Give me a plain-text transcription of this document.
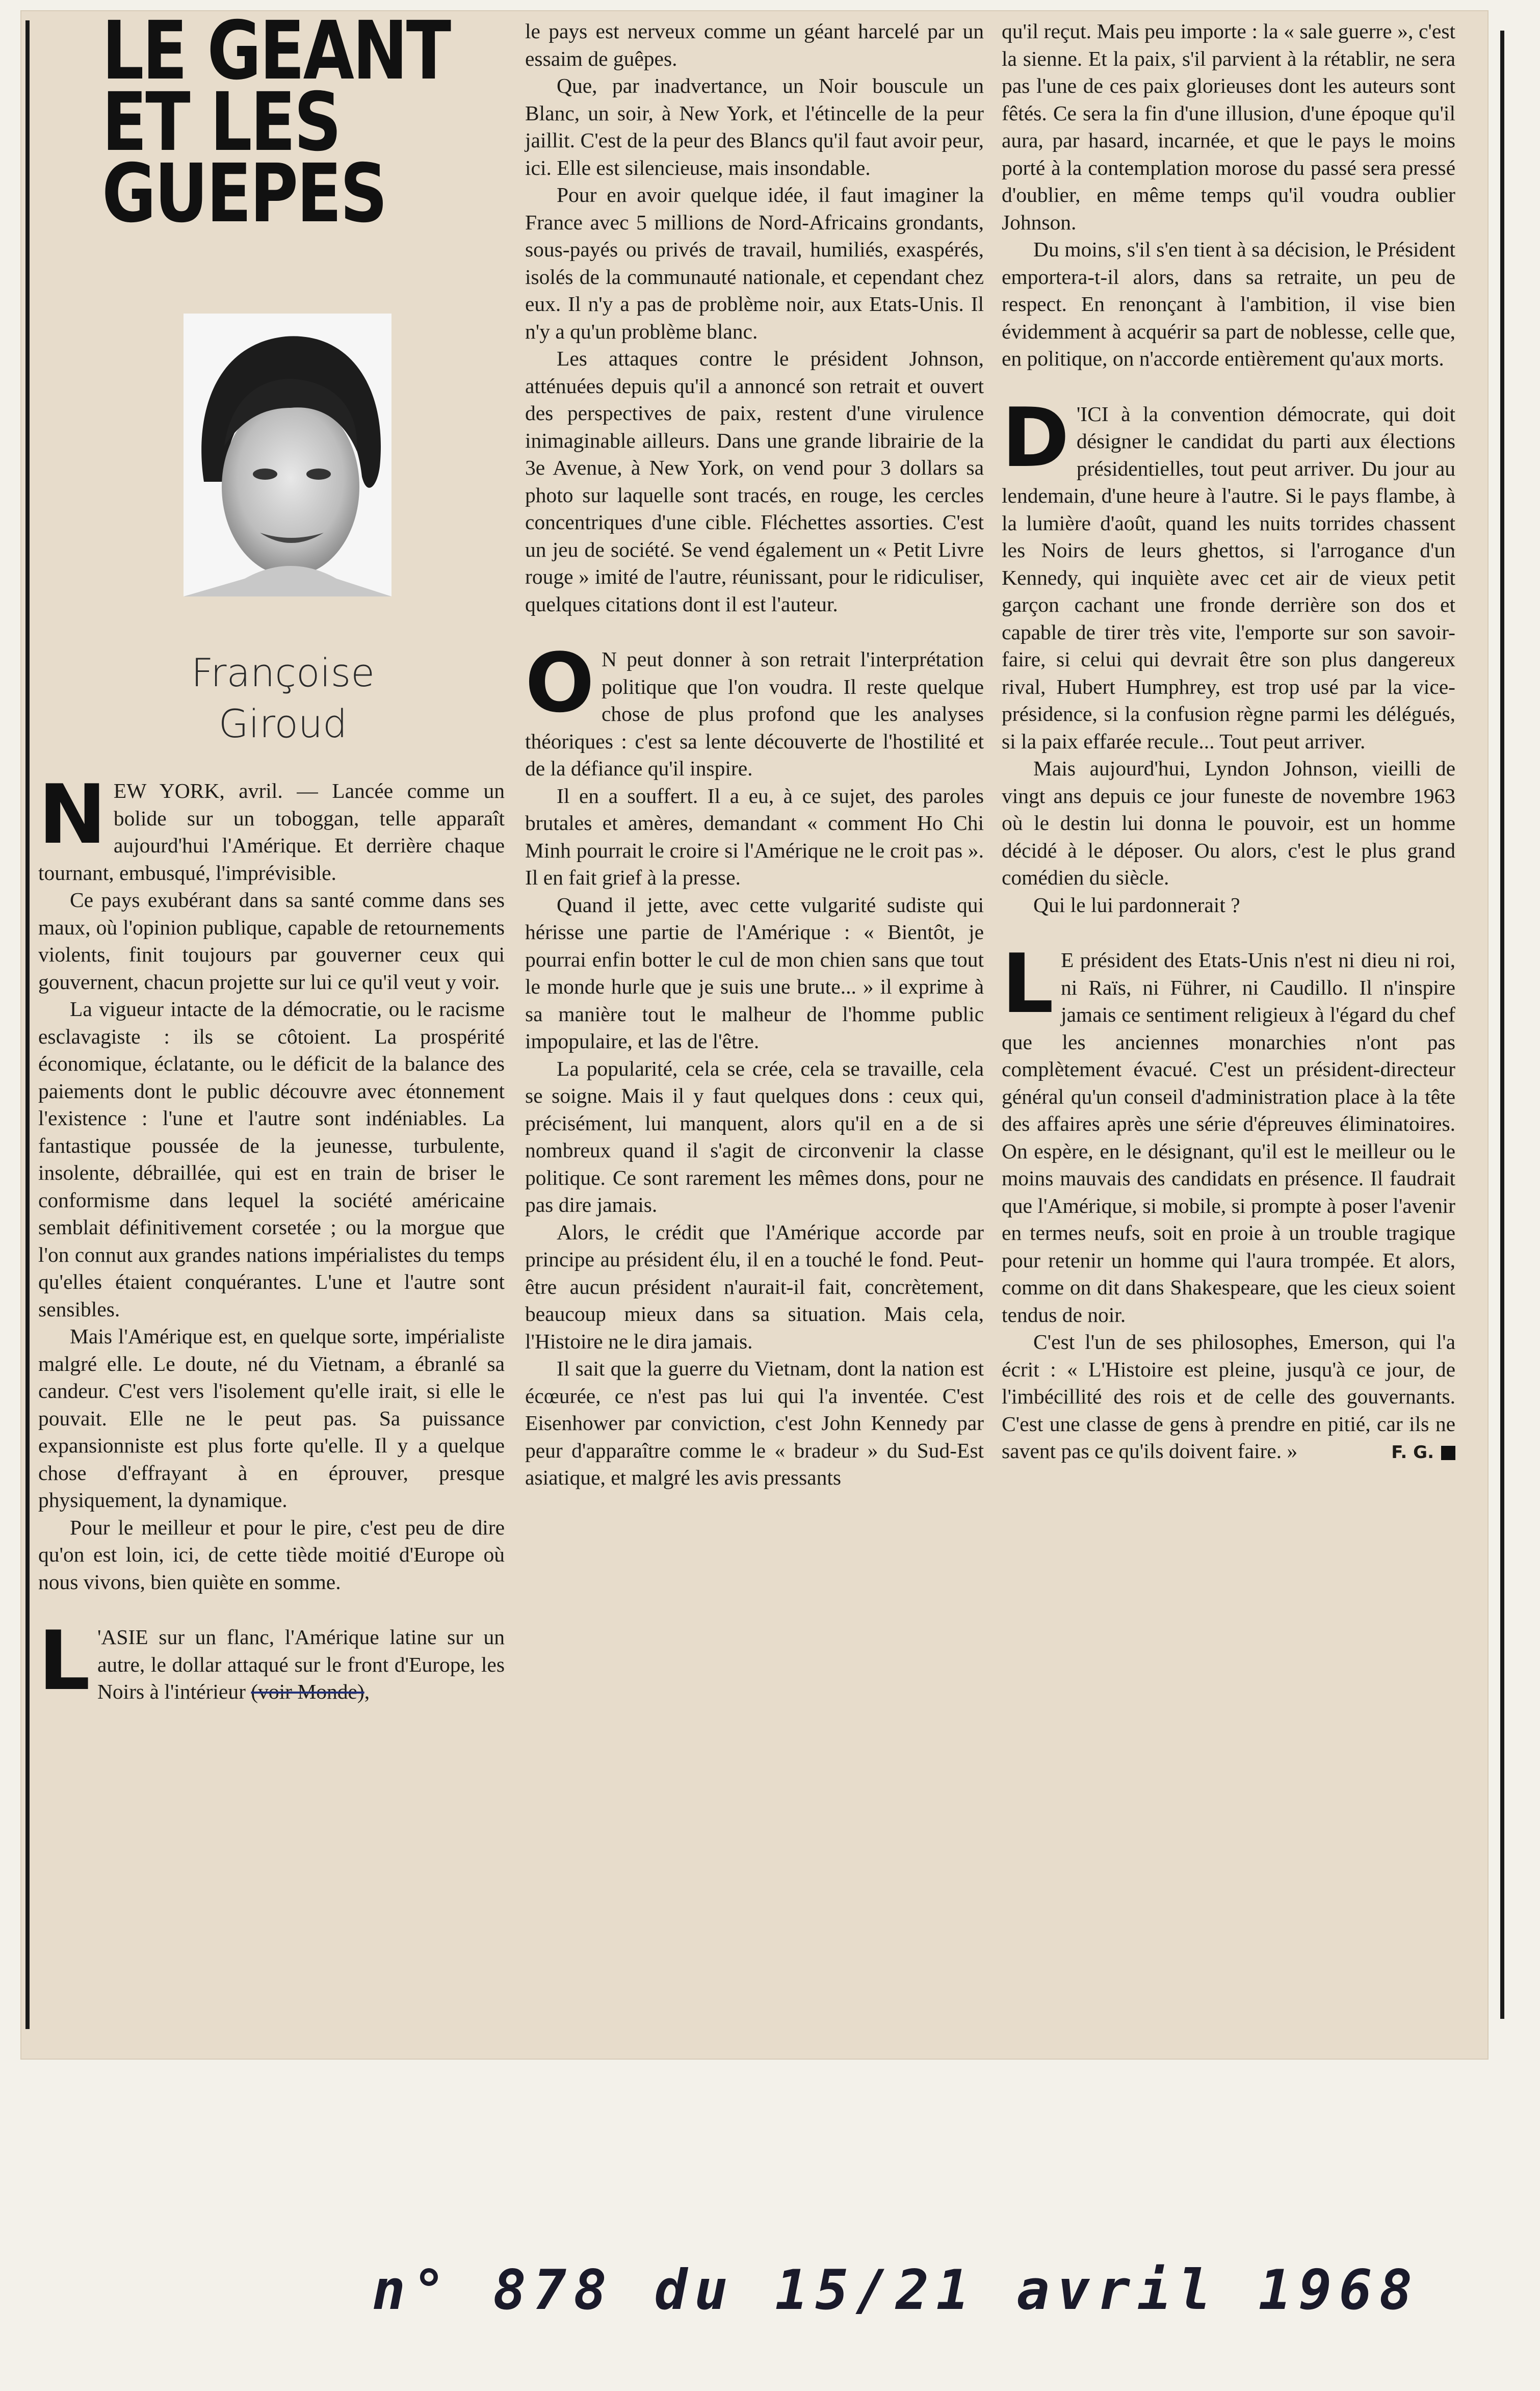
LE GEANT
ET LES
GUEPES
Françoise
Giroud

NEW YORK, avril. — Lancée comme un bolide sur un toboggan, telle apparaît aujourd'hui l'Amérique. Et derrière chaque tournant, embusqué, l'imprévisible.

Ce pays exubérant dans sa santé comme dans ses maux, où l'opinion publique, capable de retournements violents, finit toujours par gouverner ceux qui gouvernent, chacun projette sur lui ce qu'il veut y voir.

La vigueur intacte de la démocratie, ou le racisme esclavagiste : ils se côtoient. La prospérité économique, éclatante, ou le déficit de la balance des paiements dont le public découvre avec étonnement l'existence : l'une et l'autre sont indéniables. La fantastique poussée de la jeunesse, turbulente, insolente, débraillée, qui est en train de briser le conformisme dans lequel la société américaine semblait définitivement corsetée ; ou la morgue que l'on connut aux grandes nations impérialistes du temps qu'elles étaient conquérantes. L'une et l'autre sont sensibles.

Mais l'Amérique est, en quelque sorte, impérialiste malgré elle. Le doute, né du Vietnam, a ébranlé sa candeur. C'est vers l'isolement qu'elle irait, si elle le pouvait. Elle ne le peut pas. Sa puissance expansionniste est plus forte qu'elle. Il y a quelque chose d'effrayant à en éprouver, presque physiquement, la dynamique.

Pour le meilleur et pour le pire, c'est peu de dire qu'on est loin, ici, de cette tiède moitié d'Europe où nous vivons, bien quiète en somme.

L 'ASIE sur un flanc, l'Amérique latine sur un autre, le dollar attaqué sur le front d'Europe, les Noirs à l'intérieur (voir Monde),

le pays est nerveux comme un géant harcelé par un essaim de guêpes.

Que, par inadvertance, un Noir bouscule un Blanc, un soir, à New York, et l'étincelle de la peur jaillit. C'est de la peur des Blancs qu'il faut avoir peur, ici. Elle est silencieuse, mais insondable.

Pour en avoir quelque idée, il faut imaginer la France avec 5 millions de Nord-Africains grondants, sous-payés ou privés de travail, humiliés, exaspérés, isolés de la communauté nationale, et cependant chez eux. Il n'y a pas de problème noir, aux Etats-Unis. Il n'y a qu'un problème blanc.

Les attaques contre le président Johnson, atténuées depuis qu'il a annoncé son retrait et ouvert des perspectives de paix, restent d'une virulence inimaginable ailleurs. Dans une grande librairie de la 3e Avenue, à New York, on vend pour 3 dollars sa photo sur laquelle sont tracés, en rouge, les cercles concentriques d'une cible. Fléchettes assorties. C'est un jeu de société. Se vend également un « Petit Livre rouge » imité de l'autre, réunissant, pour le ridiculiser, quelques citations dont il est l'auteur.

O N peut donner à son retrait l'interprétation politique que l'on voudra. Il reste quelque chose de plus profond que les analyses théoriques : c'est sa lente découverte de l'hostilité et de la défiance qu'il inspire.

Il en a souffert. Il a eu, à ce sujet, des paroles brutales et amères, demandant « comment Ho Chi Minh pourrait le croire si l'Amérique ne le croit pas ». Il en fait grief à la presse.

Quand il jette, avec cette vulgarité sudiste qui hérisse une partie de l'Amérique : « Bientôt, je pourrai enfin botter le cul de mon chien sans que tout le monde hurle que je suis une brute... » il exprime à sa manière tout le malheur de l'homme public impopulaire, et las de l'être.

La popularité, cela se crée, cela se travaille, cela se soigne. Mais il y faut quelques dons : ceux qui, précisément, lui manquent, alors qu'il en a de si nombreux quand il s'agit de circonvenir la classe politique. Ce sont rarement les mêmes dons, pour ne pas dire jamais.

Alors, le crédit que l'Amérique accorde par principe au président élu, il en a touché le fond. Peut-être aucun président n'aurait-il fait, concrètement, beaucoup mieux dans sa situation. Mais cela, l'Histoire ne le dira jamais.

Il sait que la guerre du Vietnam, dont la nation est écœurée, ce n'est pas lui qui l'a inventée. C'est Eisenhower par conviction, c'est John Kennedy par peur d'apparaître comme le « bradeur » du Sud-Est asiatique, et malgré les avis pressants

qu'il reçut. Mais peu importe : la « sale guerre », c'est la sienne. Et la paix, s'il parvient à la rétablir, ne sera pas l'une de ces paix glorieuses dont les auteurs sont fêtés. Ce sera la fin d'une illusion, d'une époque qu'il aura, par hasard, incarnée, et que le pays le moins porté à la contemplation morose du passé sera pressé d'oublier, en même temps qu'il voudra oublier Johnson.

Du moins, s'il s'en tient à sa décision, le Président emportera-t-il alors, dans sa retraite, un peu de respect. En renonçant à l'ambition, il vise bien évidemment à acquérir sa part de noblesse, celle que, en politique, on n'accorde entièrement qu'aux morts.

D 'ICI à la convention démocrate, qui doit désigner le candidat du parti aux élections présidentielles, tout peut arriver. Du jour au lendemain, d'une heure à l'autre. Si le pays flambe, à la lumière d'août, quand les nuits torrides chassent les Noirs de leurs ghettos, si l'arrogance d'un Kennedy, qui inquiète avec cet air de vieux petit garçon cachant une fronde derrière son dos et capable de tirer très vite, l'emporte sur son savoir-faire, si celui qui devrait être son plus dangereux rival, Hubert Humphrey, est trop usé par la vice-présidence, si la confusion règne parmi les délégués, si la paix effarée recule... Tout peut arriver.

Mais aujourd'hui, Lyndon Johnson, vieilli de vingt ans depuis ce jour funeste de novembre 1963 où le destin lui donna le pouvoir, est un homme décidé à le déposer. Ou alors, c'est le plus grand comédien du siècle.

Qui le lui pardonnerait ?

L E président des Etats-Unis n'est ni dieu ni roi, ni Raïs, ni Führer, ni Caudillo. Il n'inspire jamais ce sentiment religieux à l'égard du chef que les anciennes monarchies n'ont pas complètement évacué. C'est un président-directeur général qu'un conseil d'administration place à la tête des affaires après une série d'épreuves éliminatoires. On espère, en le désignant, qu'il est le meilleur ou le moins mauvais des candidats en présence. Il faudrait que l'Amérique, si mobile, si prompte à poser l'avenir en termes neufs, soit en proie à un trouble tragique pour retenir un homme qui l'aura trompée. Et alors, comme on dit dans Shakespeare, que les cieux soient tendus de noir.

C'est l'un de ses philosophes, Emerson, qui l'a écrit : « L'Histoire est pleine, jusqu'à ce jour, de l'imbécillité des rois et de celle des gouvernants. C'est une classe de gens à prendre en pitié, car ils ne savent pas ce qu'ils doivent faire. »	F. G.

n° 878 du 15/21 avril 1968
